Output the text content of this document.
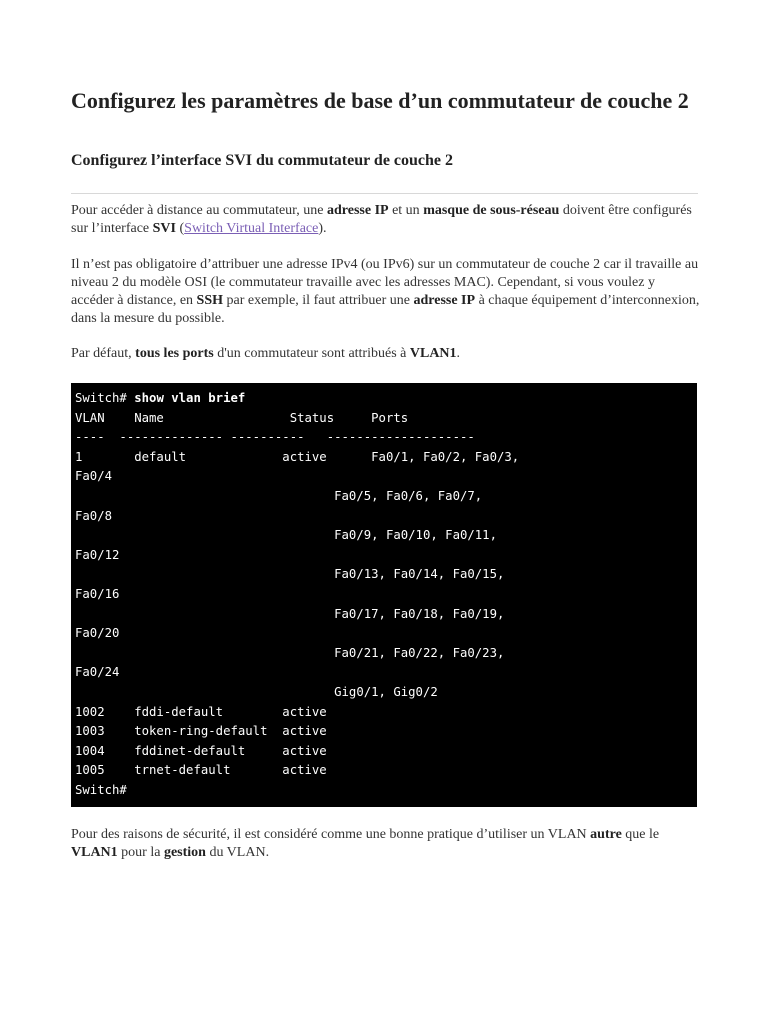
Configurez les paramètres de base d’un commutateur de couche 2
Configurez l’interface SVI du commutateur de couche 2

Pour accéder à distance au commutateur, une adresse IP et un masque de sous-réseau doivent être configurés sur l’interface SVI (Switch Virtual Interface).

Il n’est pas obligatoire d’attribuer une adresse IPv4 (ou IPv6) sur un commutateur de couche 2 car il travaille au niveau 2 du modèle OSI (le commutateur travaille avec les adresses MAC). Cependant, si vous voulez y accéder à distance, en SSH par exemple, il faut attribuer une adresse IP à chaque équipement d’interconnexion, dans la mesure du possible.

Par défaut, tous les ports d'un commutateur sont attribués à VLAN1.

Switch# show vlan brief
VLAN    Name                 Status     Ports
----  -------------- ----------   --------------------
1       default             active      Fa0/1, Fa0/2, Fa0/3,
Fa0/4
Fa0/5, Fa0/6, Fa0/7,
Fa0/8
Fa0/9, Fa0/10, Fa0/11,
Fa0/12
Fa0/13, Fa0/14, Fa0/15,
Fa0/16
Fa0/17, Fa0/18, Fa0/19,
Fa0/20
Fa0/21, Fa0/22, Fa0/23,
Fa0/24
Gig0/1, Gig0/2
1002    fddi-default        active
1003    token-ring-default  active
1004    fddinet-default     active
1005    trnet-default       active
Switch#

Pour des raisons de sécurité, il est considéré comme une bonne pratique d’utiliser un VLAN autre que le VLAN1 pour la gestion du VLAN.
